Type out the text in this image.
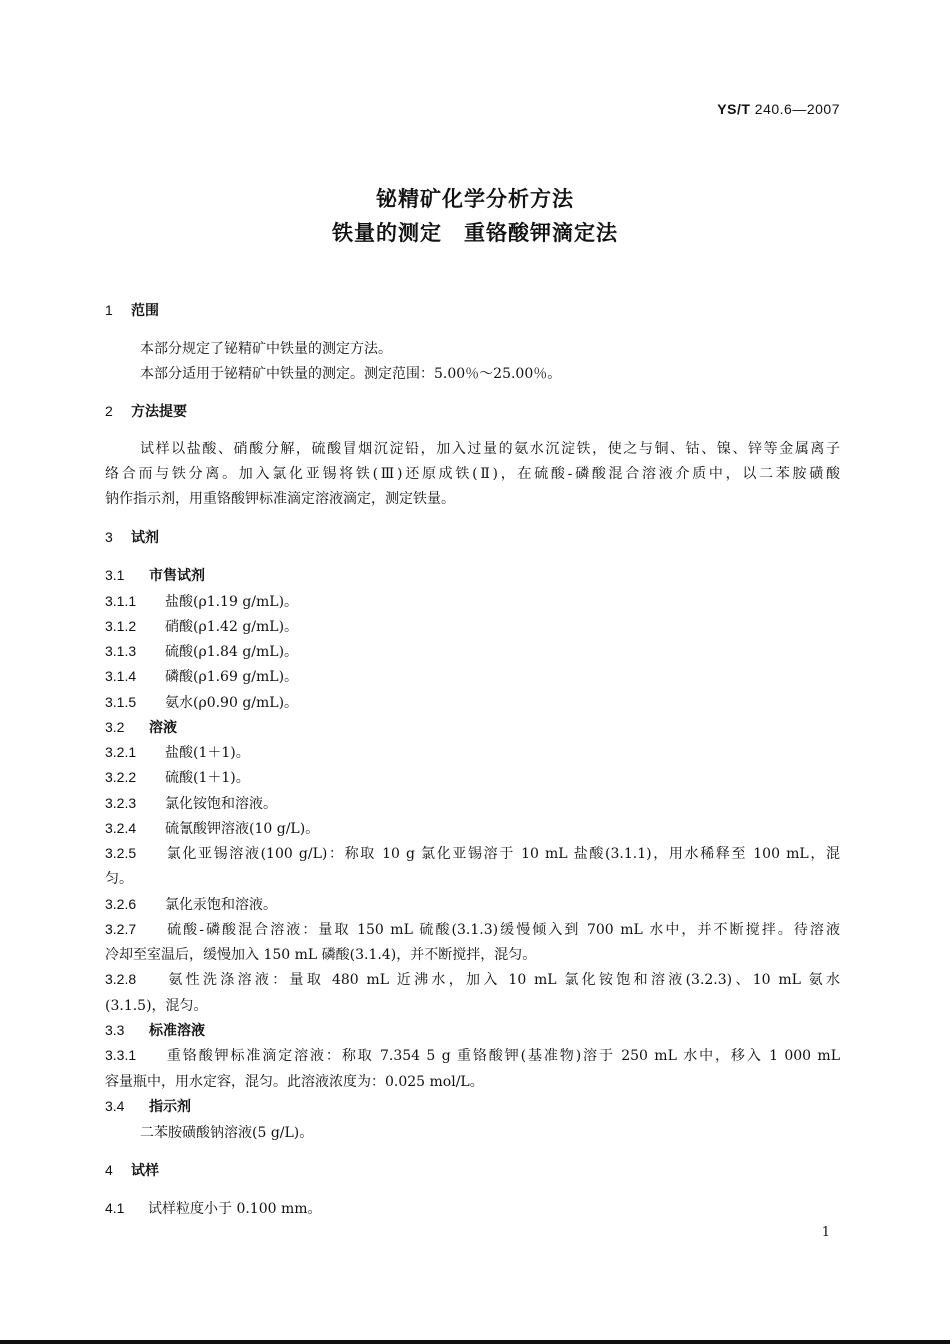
YS/T 240.6—2007
铋精矿化学分析方法
铁量的测定　重铬酸钾滴定法
1 范围
本部分规定了铋精矿中铁量的测定方法。
本部分适用于铋精矿中铁量的测定。测定范围：5.00％～25.00％。
2 方法提要
试样以盐酸、硝酸分解，硫酸冒烟沉淀铅，加入过量的氨水沉淀铁，使之与铜、钴、镍、锌等金属离子
络合而与铁分离。加入氯化亚锡将铁(Ⅲ)还原成铁(Ⅱ)，在硫酸-磷酸混合溶液介质中，以二苯胺磺酸
钠作指示剂，用重铬酸钾标准滴定溶液滴定，测定铁量。
3 试剂
3.1 市售试剂
3.1.1 盐酸(ρ1.19 g/mL)。
3.1.2 硝酸(ρ1.42 g/mL)。
3.1.3 硫酸(ρ1.84 g/mL)。
3.1.4 磷酸(ρ1.69 g/mL)。
3.1.5 氨水(ρ0.90 g/mL)。
3.2 溶液
3.2.1 盐酸(1＋1)。
3.2.2 硫酸(1＋1)。
3.2.3 氯化铵饱和溶液。
3.2.4 硫氰酸钾溶液(10 g/L)。
3.2.5 氯化亚锡溶液(100 g/L)：称取 10 g 氯化亚锡溶于 10 mL 盐酸(3.1.1)，用水稀释至 100 mL，混
匀。
3.2.6 氯化汞饱和溶液。
3.2.7 硫酸-磷酸混合溶液：量取 150 mL 硫酸(3.1.3)缓慢倾入到 700 mL 水中，并不断搅拌。待溶液
冷却至室温后，缓慢加入 150 mL 磷酸(3.1.4)，并不断搅拌，混匀。
3.2.8 氨性洗涤溶液：量取 480 mL 近沸水，加入 10 mL 氯化铵饱和溶液(3.2.3)、10 mL 氨水
(3.1.5)，混匀。
3.3 标准溶液
3.3.1 重铬酸钾标准滴定溶液：称取 7.354 5 g 重铬酸钾(基准物)溶于 250 mL 水中，移入 1 000 mL
容量瓶中，用水定容，混匀。此溶液浓度为：0.025 mol/L。
3.4 指示剂
二苯胺磺酸钠溶液(5 g/L)。
4 试样
4.1 试样粒度小于 0.100 mm。
1
